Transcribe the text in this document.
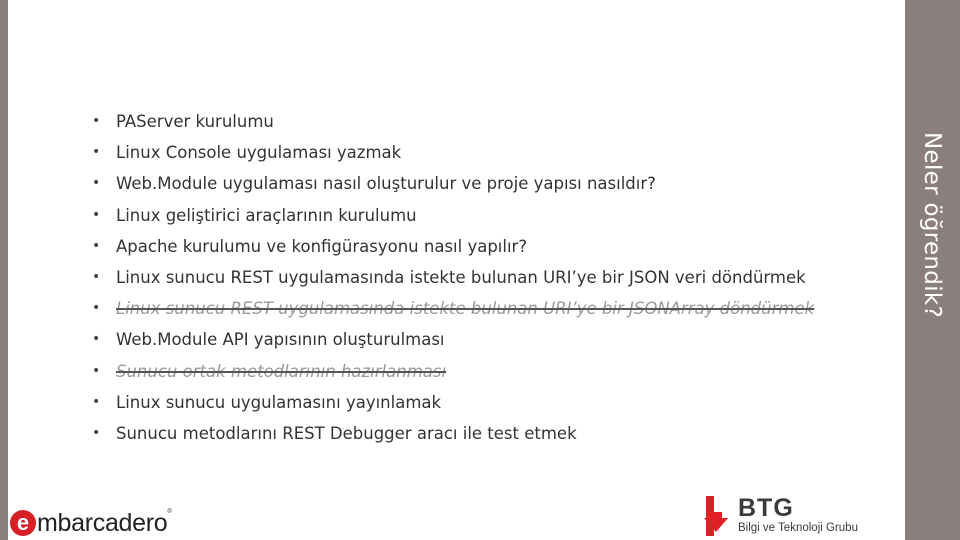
Neler öğrendik?
• PAServer kurulumu
• Linux Console uygulaması yazmak
• Web.Module uygulaması nasıl oluşturulur ve proje yapısı nasıldır?
• Linux geliştirici araçlarının kurulumu
• Apache kurulumu ve konfigürasyonu nasıl yapılır?
• Linux sunucu REST uygulamasında istekte bulunan URI’ye bir JSON veri döndürmek
• Linux sunucu REST uygulamasında istekte bulunan URI’ye bir JSONArray döndürmek
• Web.Module API yapısının oluşturulması
• Sunucu ortak metodlarının hazırlanması
• Linux sunucu uygulamasını yayınlamak
• Sunucu metodlarını REST Debugger aracı ile test etmek
e mbarcadero®	BTG
Bilgi ve Teknoloji Grubu
